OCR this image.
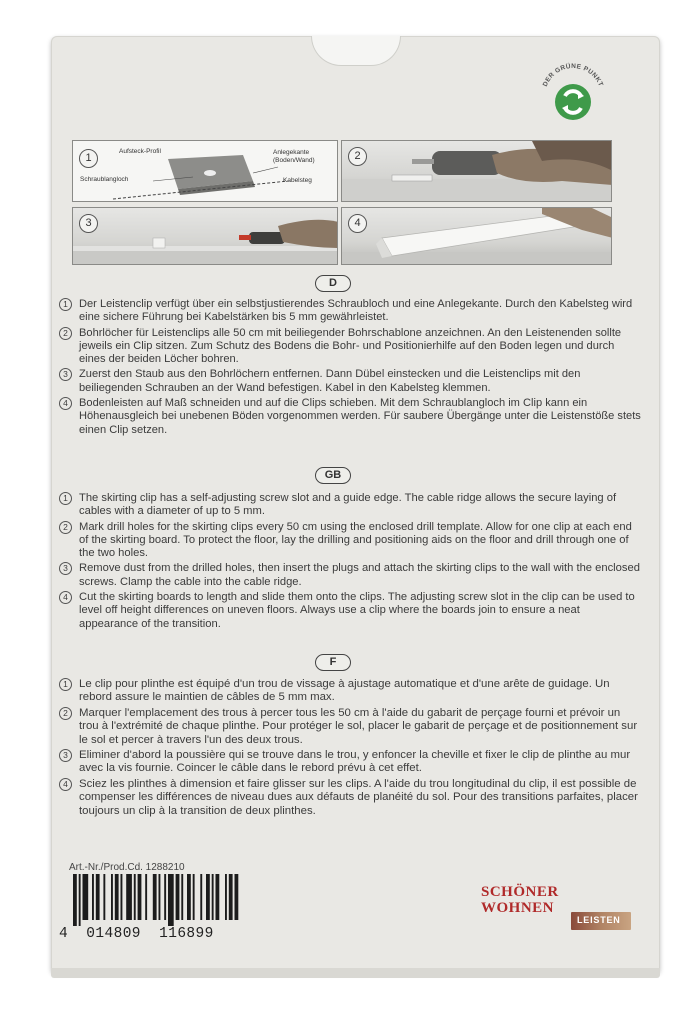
DER GRÜNE PUNKT
1
Aufsteck-Profil	Anlegekante
(Boden/Wand)
Schraublangloch	Kabelsteg
2
3	4
D
1	Der Leistenclip verfügt über ein selbstjustierendes Schraubloch und eine Anlegekante. Durch den Kabelsteg wird eine sichere Führung bei Kabelstärken bis 5 mm gewährleistet.
2	Bohrlöcher für Leistenclips alle 50 cm mit beiliegender Bohrschablone anzeichnen. An den Leistenenden sollte jeweils ein Clip sitzen. Zum Schutz des Bodens die Bohr- und Positionierhilfe auf den Boden legen und durch eines der beiden Löcher bohren.
3	Zuerst den Staub aus den Bohrlöchern entfernen. Dann Dübel einstecken und die Leistenclips mit den beiliegenden Schrauben an der Wand befestigen. Kabel in den Kabelsteg klemmen.
4	Bodenleisten auf Maß schneiden und auf die Clips schieben. Mit dem Schraublangloch im Clip kann ein Höhenausgleich bei unebenen Böden vorgenommen werden. Für saubere Übergänge unter die Leistenstöße stets einen Clip setzen.
GB
1 The skirting clip has a self-adjusting screw slot and a guide edge. The cable ridge allows the secure laying of cables with a diameter of up to 5 mm.
2 Mark drill holes for the skirting clips every 50 cm using the enclosed drill template. Allow for one clip at each end of the skirting board. To protect the floor, lay the drilling and positioning aids on the floor and drill through one of the two holes.
3 Remove dust from the drilled holes, then insert the plugs and attach the skirting clips to the wall with the enclosed screws. Clamp the cable into the cable ridge.
4 Cut the skirting boards to length and slide them onto the clips. The adjusting screw slot in the clip can be used to level off height differences on uneven floors. Always use a clip where the boards join to ensure a neat appearance of the transition.
F
1 Le clip pour plinthe est équipé d'un trou de vissage à ajustage automatique et d'une arête de guidage. Un rebord assure le maintien de câbles de 5 mm max.
2 Marquer l'emplacement des trous à percer tous les 50 cm à l'aide du gabarit de perçage fourni et prévoir un trou à l'extrémité de chaque plinthe. Pour protéger le sol, placer le gabarit de perçage et de positionnement sur le sol et percer à travers l'un des deux trous.
3 Eliminer d'abord la poussière qui se trouve dans le trou, y enfoncer la cheville et fixer le clip de plinthe au mur avec la vis fournie. Coincer le câble dans le rebord prévu à cet effet.
4 Sciez les plinthes à dimension et faire glisser sur les clips. A l'aide du trou longitudinal du clip, il est possible de compenser les différences de niveau dues aux défauts de planéité du sol. Pour des transitions parfaites, placer toujours un clip à la transition de deux plinthes.
Art.-Nr./Prod.Cd. 1288210
4  014809  116899
SCHÖNER
WOHNEN
LEISTEN
